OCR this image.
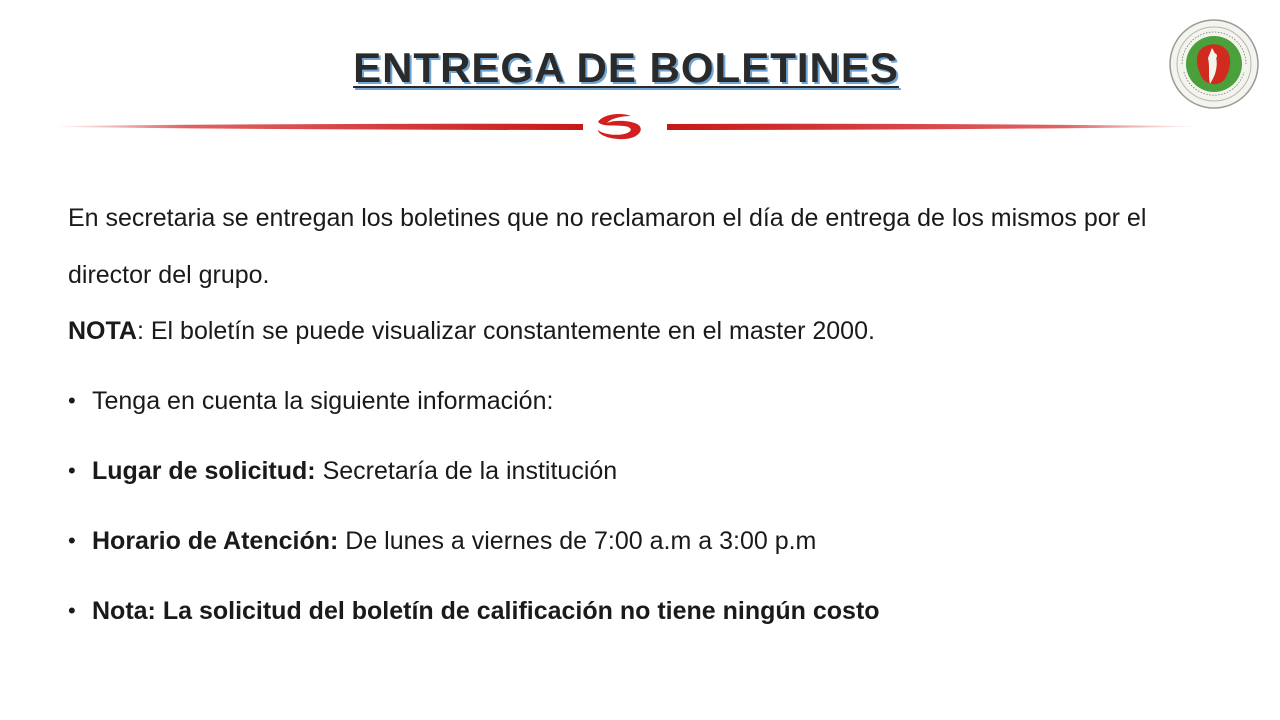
ENTREGA DE BOLETINES

En secretaria se entregan los boletines que no reclamaron el día de entrega de los mismos por el director del grupo.

NOTA: El boletín se puede visualizar constantemente en el master 2000.

• Tenga en cuenta la siguiente información:
• Lugar de solicitud: Secretaría de la institución
• Horario de Atención: De lunes a viernes de 7:00 a.m a 3:00 p.m
• Nota: La solicitud del boletín de calificación no tiene ningún costo
